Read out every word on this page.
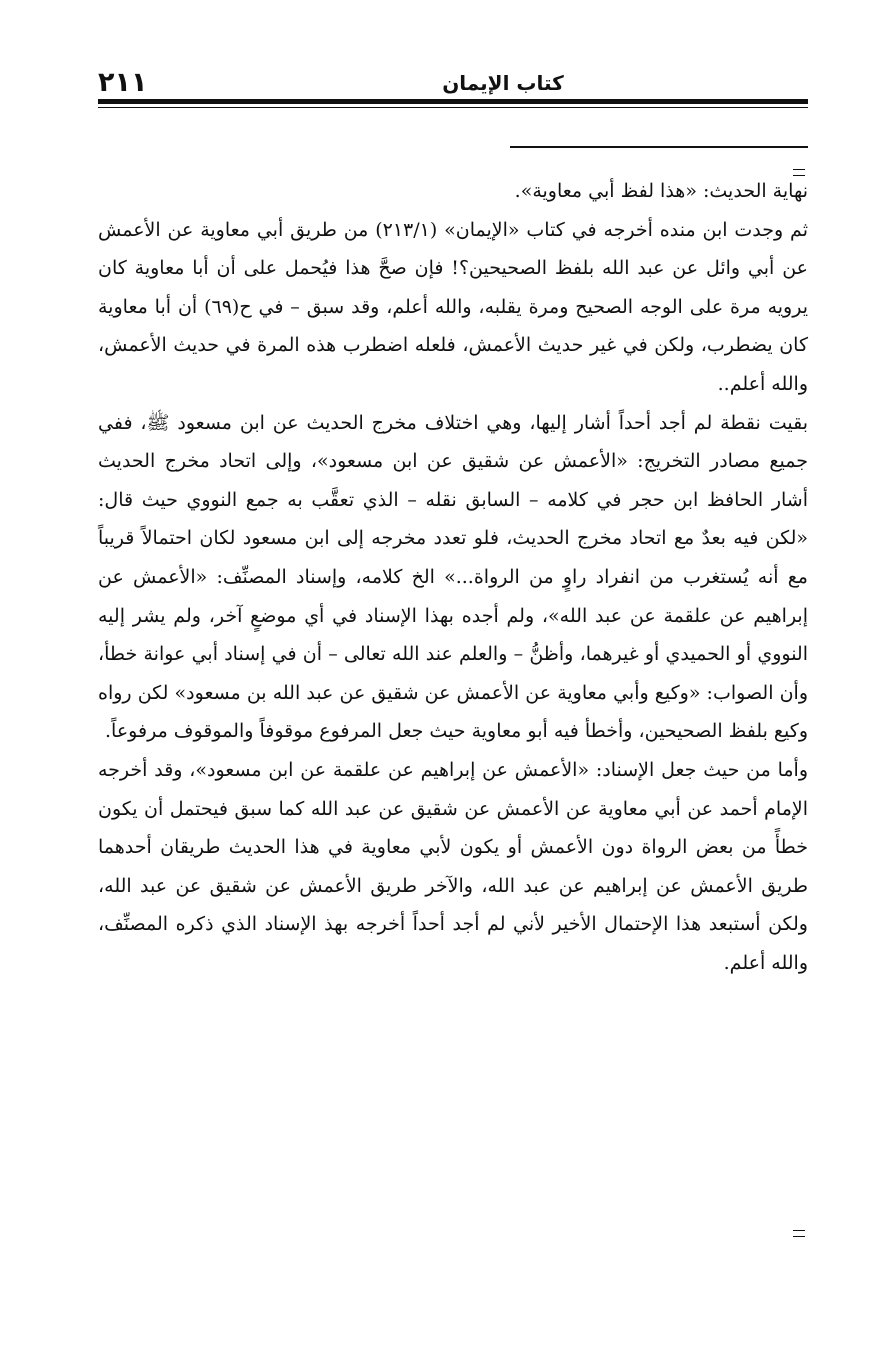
٢١١	كتاب الإيمان

نهاية الحديث: «هذا لفظ أبي معاوية».

ثم وجدت ابن منده أخرجه في كتاب «الإيمان» (٢١٣/١) من طريق أبي معاوية عن الأعمش عن أبي وائل عن عبد الله بلفظ الصحيحين؟! فإن صحَّ هذا فيُحمل على أن أبا معاوية كان يرويه مرة على الوجه الصحيح ومرة يقلبه، والله أعلم، وقد سبق – في ح(٦٩) أن أبا معاوية كان يضطرب، ولكن في غير حديث الأعمش، فلعله اضطرب هذه المرة في حديث الأعمش، والله أعلم..

بقيت نقطة لم أجد أحداً أشار إليها، وهي اختلاف مخرج الحديث عن ابن مسعود ﷺ، ففي جميع مصادر التخريج: «الأعمش عن شقيق عن ابن مسعود»، وإلى اتحاد مخرج الحديث أشار الحافظ ابن حجر في كلامه – السابق نقله – الذي تعقَّب به جمع النووي حيث قال: «لكن فيه بعدٌ مع اتحاد مخرج الحديث، فلو تعدد مخرجه إلى ابن مسعود لكان احتمالاً قريباً مع أنه يُستغرب من انفراد راوٍ من الرواة...» الخ كلامه، وإسناد المصنِّف: «الأعمش عن إبراهيم عن علقمة عن عبد الله»، ولم أجده بهذا الإسناد في أي موضعٍ آخر، ولم يشر إليه النووي أو الحميدي أو غيرهما، وأظنُّ – والعلم عند الله تعالى – أن في إسناد أبي عوانة خطأ، وأن الصواب: «وكيع وأبي معاوية عن الأعمش عن شقيق عن عبد الله بن مسعود» لكن رواه وكيع بلفظ الصحيحين، وأخطأ فيه أبو معاوية حيث جعل المرفوع موقوفاً والموقوف مرفوعاً.

وأما من حيث جعل الإسناد: «الأعمش عن إبراهيم عن علقمة عن ابن مسعود»، وقد أخرجه الإمام أحمد عن أبي معاوية عن الأعمش عن شقيق عن عبد الله كما سبق فيحتمل أن يكون خطأً من بعض الرواة دون الأعمش أو يكون لأبي معاوية في هذا الحديث طريقان أحدهما طريق الأعمش عن إبراهيم عن عبد الله، والآخر طريق الأعمش عن شقيق عن عبد الله، ولكن أستبعد هذا الإحتمال الأخير لأني لم أجد أحداً أخرجه بهذ الإسناد الذي ذكره المصنِّف، والله أعلم.
